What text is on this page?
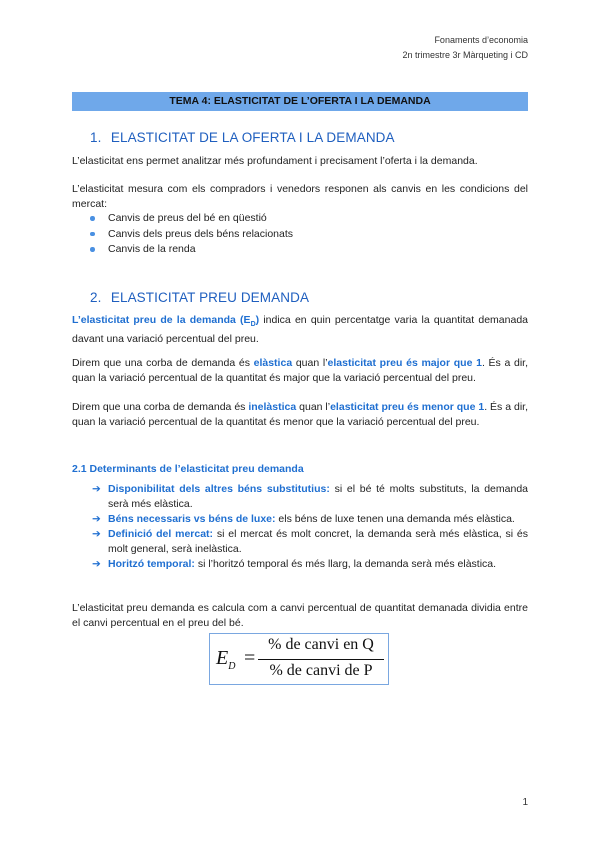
Fonaments d’economia
2n trimestre 3r Màrqueting i CD
TEMA 4: ELASTICITAT DE L’OFERTA I LA DEMANDA
1. ELASTICITAT DE LA OFERTA I LA DEMANDA
L’elasticitat ens permet analitzar més profundament i precisament l’oferta i la demanda.
L’elasticitat mesura com els compradors i venedors responen als canvis en les condicions del mercat:
Canvis de preus del bé en qüestió
Canvis dels preus dels béns relacionats
Canvis de la renda
2. ELASTICITAT PREU DEMANDA
L’elasticitat preu de la demanda $(E_D)$ indica en quin percentatge varia la quantitat demanada davant una variació percentual del preu.
Direm que una corba de demanda és elàstica quan l’elasticitat preu és major que 1. És a dir, quan la variació percentual de la quantitat és major que la variació percentual del preu.
Direm que una corba de demanda és inelàstica quan l’elasticitat preu és menor que 1. És a dir, quan la variació percentual de la quantitat és menor que la variació percentual del preu.
2.1 Determinants de l’elasticitat preu demanda
➔ Disponibilitat dels altres béns substitutius: si el bé té molts substituts, la demanda serà més elàstica.
➔ Béns necessaris vs béns de luxe: els béns de luxe tenen una demanda més elàstica.
➔ Definició del mercat: si el mercat és molt concret, la demanda serà més elàstica, si és molt general, serà inelàstica.
➔ Horitzó temporal: si l’horitzó temporal és més llarg, la demanda serà més elàstica.
L’elasticitat preu demanda es calcula com a canvi percentual de quantitat demanada dividia entre el canvi percentual en el preu del bé.
$E_D$ =
% de canvi en Q
% de canvi de P
1
